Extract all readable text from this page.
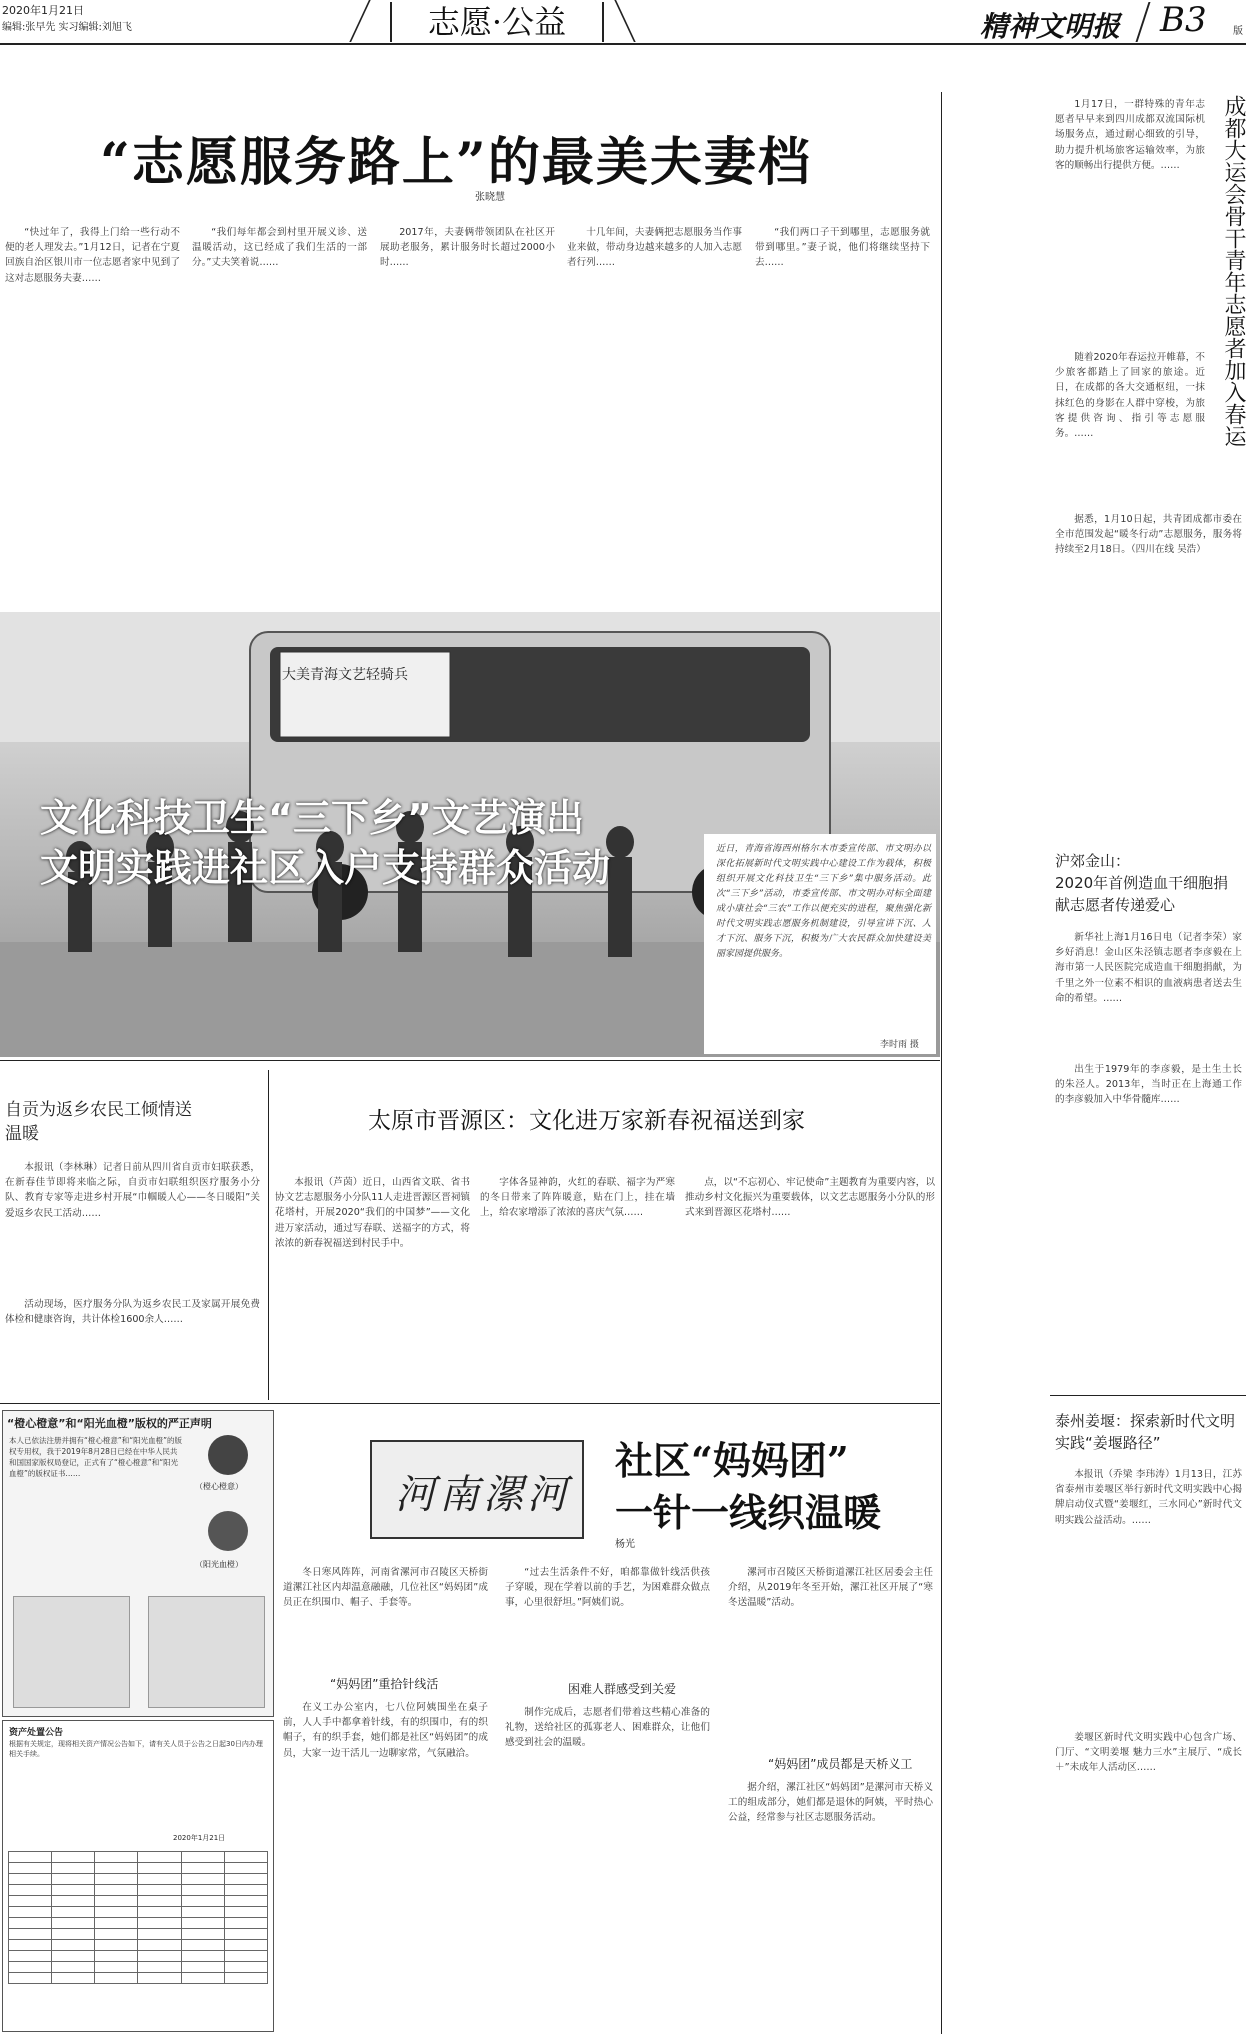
2020年1月21日
编辑:张早先 实习编辑:刘旭飞	志愿·公益	精神文明报 B3	版
“志愿服务路上”的最美夫妻档
张晓慧
“快过年了，我得上门给一些行动不便的老人理发去。”1月12日，记者在宁夏回族自治区银川市一位志愿者家中见到了这对志愿服务夫妻……
“我们每年都会到村里开展义诊、送温暖活动，这已经成了我们生活的一部分。”丈夫笑着说……
2017年，夫妻俩带领团队在社区开展助老服务，累计服务时长超过2000小时……
十几年间，夫妻俩把志愿服务当作事业来做，带动身边越来越多的人加入志愿者行列……
“我们两口子干到哪里，志愿服务就带到哪里。”妻子说，他们将继续坚持下去……
文化科技卫生“三下乡”文艺演出
文明实践进社区入户支持群众活动
大美青海文艺轻骑兵
近日，青海省海西州格尔木市委宣传部、市文明办以深化拓展新时代文明实践中心建设工作为载体，积极组织开展文化科技卫生“三下乡”集中服务活动。此次“三下乡”活动，市委宣传部、市文明办对标全面建成小康社会“三农”工作以便充实的进程，聚焦强化新时代文明实践志愿服务机制建设，引导宣讲下沉、人才下沉、服务下沉，积极为广大农民群众加快建设美丽家园提供服务。
李时雨 摄
成都大运会骨干青年志愿者加入春运
1月17日，一群特殊的青年志愿者早早来到四川成都双流国际机场服务点，通过耐心细致的引导，助力提升机场旅客运输效率，为旅客的顺畅出行提供方便。……
随着2020年春运拉开帷幕，不少旅客都踏上了回家的旅途。近日，在成都的各大交通枢纽，一抹抹红色的身影在人群中穿梭，为旅客提供咨询、指引等志愿服务。……
据悉，1月10日起，共青团成都市委在全市范围发起“暖冬行动”志愿服务，服务将持续至2月18日。（四川在线 吴浩）
沪郊金山：
2020年首例造血干细胞捐献志愿者传递爱心
新华社上海1月16日电（记者李荣）家乡好消息！金山区朱泾镇志愿者李彦毅在上海市第一人民医院完成造血干细胞捐献，为千里之外一位素不相识的血液病患者送去生命的希望。……
出生于1979年的李彦毅，是土生土长的朱泾人。2013年，当时正在上海通工作的李彦毅加入中华骨髓库……
泰州姜堰：探索新时代文明实践“姜堰路径”
本报讯（乔梁 李玮涛）1月13日，江苏省泰州市姜堰区举行新时代文明实践中心揭牌启动仪式暨“姜堰红，三水同心”新时代文明实践公益活动。……
姜堰区新时代文明实践中心包含广场、门厅、“文明姜堰 魅力三水”主展厅、“成长＋”未成年人活动区……
自贡为返乡农民工倾情送温暖
本报讯（李林琳）记者日前从四川省自贡市妇联获悉，在新春佳节即将来临之际，自贡市妇联组织医疗服务小分队、教育专家等走进乡村开展“巾帼暖人心——冬日暖阳”关爱返乡农民工活动……
活动现场，医疗服务分队为返乡农民工及家属开展免费体检和健康咨询，共计体检1600余人……
太原市晋源区：文化进万家新春祝福送到家
本报讯（芦茵）近日，山西省文联、省书协文艺志愿服务小分队11人走进晋源区晋祠镇花塔村，开展2020“我们的中国梦”——文化进万家活动，通过写春联、送福字的方式，将浓浓的新春祝福送到村民手中。
字体各显神韵，火红的春联、福字为严寒的冬日带来了阵阵暖意，贴在门上，挂在墙上，给农家增添了浓浓的喜庆气氛……
点，以“不忘初心、牢记使命”主题教育为重要内容，以推动乡村文化振兴为重要载体，以文艺志愿服务小分队的形式来到晋源区花塔村……
“橙心橙意”和“阳光血橙”版权的严正声明
本人已依法注册并拥有“橙心橙意”和“阳光血橙”的版权专用权，我于2019年8月28日已经在中华人民共和国国家版权局登记，正式有了“橙心橙意”和“阳光血橙”的版权证书……
（橙心橙意）
（阳光血橙）
资产处置公告
根据有关规定，现将相关资产情况公告如下，请有关人员于公告之日起30日内办理相关手续。
2020年1月21日

河南漯河
社区“妈妈团”
一针一线织温暖
杨光
冬日寒风阵阵，河南省漯河市召陵区天桥街道漯江社区内却温意融融，几位社区“妈妈团”成员正在织围巾、帽子、手套等。
“妈妈团”重拾针线活
在义工办公室内，七八位阿姨围坐在桌子前，人人手中都拿着针线，有的织围巾，有的织帽子，有的织手套，她们都是社区“妈妈团”的成员，大家一边干活儿一边聊家常，气氛融洽。
“过去生活条件不好，咱都靠做针线活供孩子穿暖，现在学着以前的手艺，为困难群众做点事，心里很舒坦。”阿姨们说。
困难人群感受到关爱
制作完成后，志愿者们带着这些精心准备的礼物，送给社区的孤寡老人、困难群众，让他们感受到社会的温暖。
漯河市召陵区天桥街道漯江社区居委会主任介绍，从2019年冬至开始，漯江社区开展了“寒冬送温暖”活动。
“妈妈团”成员都是天桥义工
据介绍，漯江社区“妈妈团”是漯河市天桥义工的组成部分，她们都是退休的阿姨，平时热心公益，经常参与社区志愿服务活动。
